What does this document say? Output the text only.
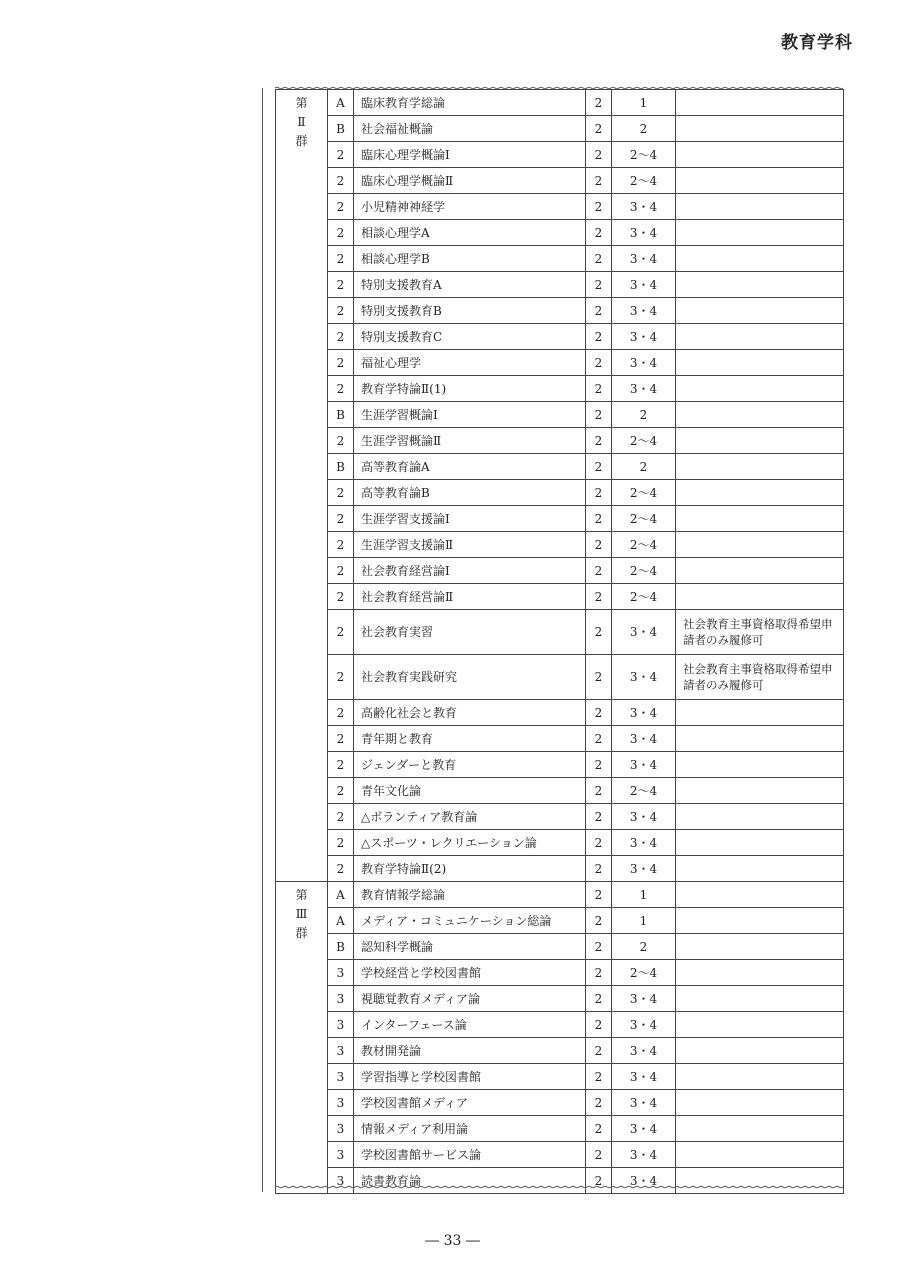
教育学科
第 Ⅱ 群	A	臨床教育学総論	2	1	
	B	社会福祉概論	2	2	
	2	臨床心理学概論Ⅰ	2	2～4	
	2	臨床心理学概論Ⅱ	2	2～4	
	2	小児精神神経学	2	3・4	
	2	相談心理学A	2	3・4	
	2	相談心理学B	2	3・4	
	2	特別支援教育A	2	3・4	
	2	特別支援教育B	2	3・4	
	2	特別支援教育C	2	3・4	
	2	福祉心理学	2	3・4	
	2	教育学特論Ⅱ(1)	2	3・4	
	B	生涯学習概論Ⅰ	2	2	
	2	生涯学習概論Ⅱ	2	2～4	
	B	高等教育論A	2	2	
	2	高等教育論B	2	2～4	
	2	生涯学習支援論Ⅰ	2	2～4	
	2	生涯学習支援論Ⅱ	2	2～4	
	2	社会教育経営論Ⅰ	2	2～4	
	2	社会教育経営論Ⅱ	2	2～4	
	2	社会教育実習	2	3・4	社会教育主事資格取得希望申請者のみ履修可
	2	社会教育実践研究	2	3・4	社会教育主事資格取得希望申請者のみ履修可
	2	高齢化社会と教育	2	3・4	
	2	青年期と教育	2	3・4	
	2	ジェンダーと教育	2	3・4	
	2	青年文化論	2	2～4	
	2	△ボランティア教育論	2	3・4	
	2	△スポーツ・レクリエーション論	2	3・4	
	2	教育学特論Ⅱ(2)	2	3・4	
第 Ⅲ 群	A	教育情報学総論	2	1	
	A	メディア・コミュニケーション総論	2	1	
	B	認知科学概論	2	2	
	3	学校経営と学校図書館	2	2～4	
	3	視聴覚教育メディア論	2	3・4	
	3	インターフェース論	2	3・4	
	3	教材開発論	2	3・4	
	3	学習指導と学校図書館	2	3・4	
	3	学校図書館メディア	2	3・4	
	3	情報メディア利用論	2	3・4	
	3	学校図書館サービス論	2	3・4	
	3	読書教育論	2	3・4	
― 33 ―
